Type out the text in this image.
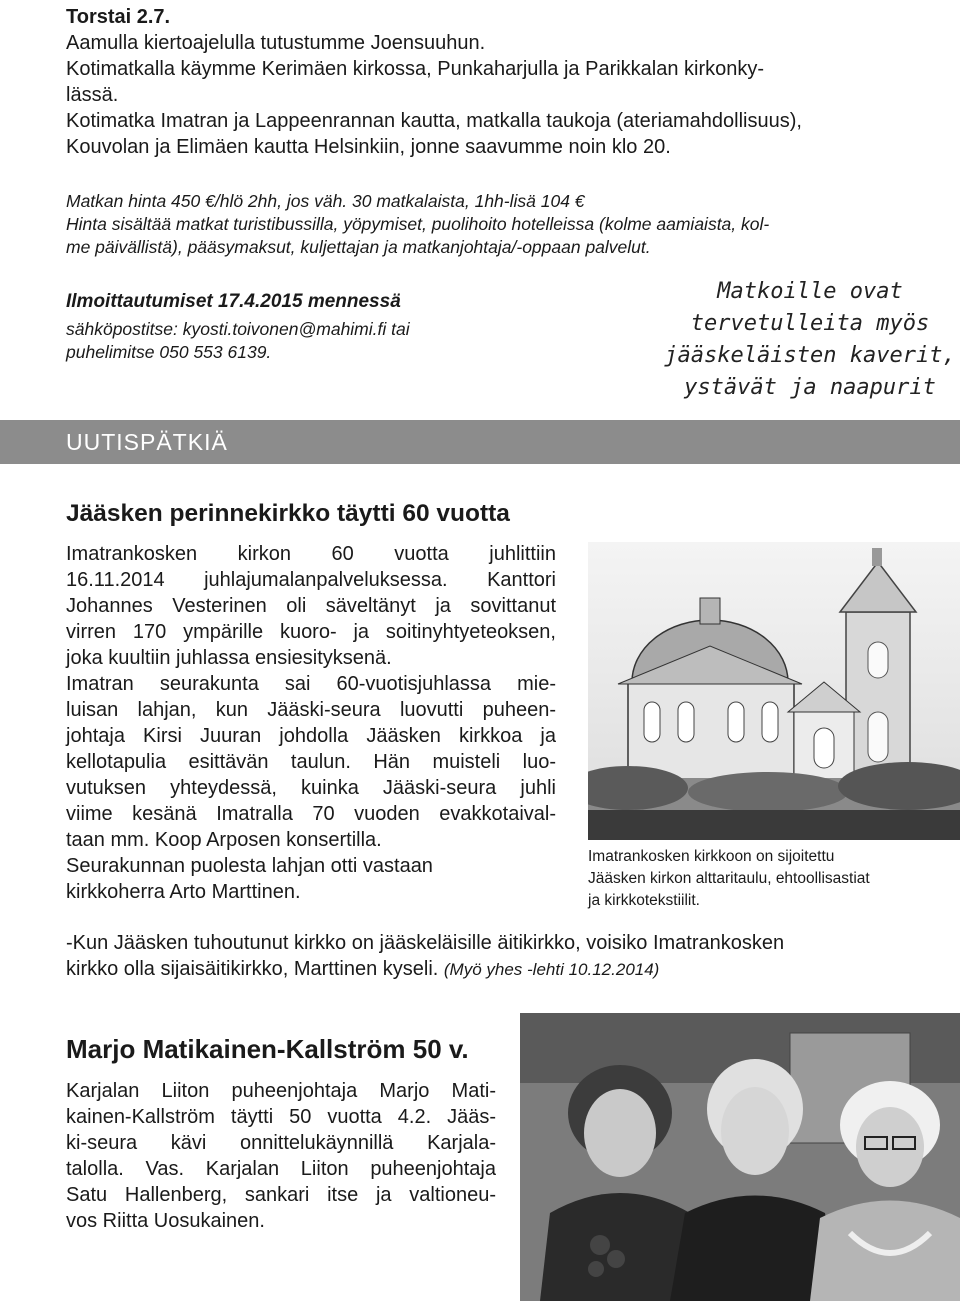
Torstai 2.7.
Aamulla kiertoajelulla tutustumme Joensuuhun.
Kotimatkalla käymme Kerimäen kirkossa, Punkaharjulla ja Parikkalan kirkonky-
lässä.
Kotimatka Imatran ja Lappeenrannan kautta, matkalla taukoja (ateriamahdollisuus),
Kouvolan ja Elimäen kautta Helsinkiin, jonne saavumme noin klo 20.
Matkan hinta 450 €/hlö 2hh, jos väh. 30 matkalaista, 1hh-lisä 104 €
Hinta sisältää matkat turistibussilla, yöpymiset, puolihoito hotelleissa (kolme aamiaista, kol-
me päivällistä), pääsymaksut, kuljettajan ja matkanjohtaja/-oppaan palvelut.
Ilmoittautumiset 17.4.2015 mennessä
sähköpostitse: kyosti.toivonen@mahimi.fi tai
puhelimitse 050 553 6139.
Matkoille ovat
tervetulleita myös
jääskeläisten kaverit,
ystävät ja naapurit
UUTISPÄTKIÄ
Jääsken perinnekirkko täytti 60 vuotta
Imatrankosken kirkon 60 vuotta juhlittiin
16.11.2014 juhlajumalanpalveluksessa. Kanttori
Johannes Vesterinen oli säveltänyt ja sovittanut
virren 170 ympärille kuoro- ja soitinyhtyeteoksen,
joka kuultiin juhlassa ensiesityksenä.
Imatran seurakunta sai 60-vuotisjuhlassa mie-
luisan lahjan, kun Jääski-seura luovutti puheen-
johtaja Kirsi Juuran johdolla Jääsken kirkkoa ja
kellotapulia esittävän taulun. Hän muisteli luo-
vutuksen yhteydessä, kuinka Jääski-seura juhli
viime kesänä Imatralla 70 vuoden evakkotaival-
taan mm. Koop Arposen konsertilla.
Seurakunnan puolesta lahjan otti vastaan
kirkkoherra Arto Marttinen.
Imatrankosken kirkkoon on sijoitettu
Jääsken kirkon alttaritaulu, ehtoollisastiat
ja kirkkotekstiilit.
-Kun Jääsken tuhoutunut kirkko on jääskeläisille äitikirkko, voisiko Imatrankosken
kirkko olla sijaisäitikirkko, Marttinen kyseli. (Myö yhes -lehti 10.12.2014)
Marjo Matikainen-Kallström 50 v.
Karjalan Liiton puheenjohtaja Marjo Mati-
kainen-Kallström täytti 50 vuotta 4.2. Jääs-
ki-seura kävi onnittelukäynnillä Karjala-
talolla. Vas. Karjalan Liiton puheenjohtaja
Satu Hallenberg, sankari itse ja valtioneu-
vos Riitta Uosukainen.
